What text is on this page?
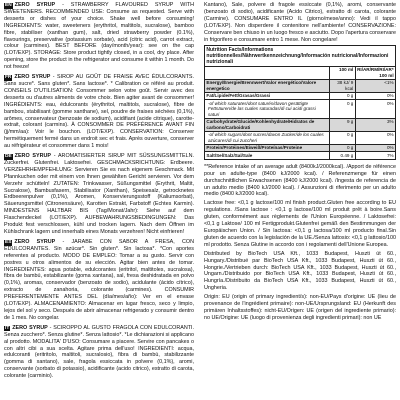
EN ZERO SYRUP - STRAWBERRY FLAVOURED SYRUP WITH SWEETENERS. RECOMMENDED USE: Consume as requested. Serve with desserts or dishes of your choice. Shake well before consuming! INGREDIENTS: water, sweeteners (erythritol, maltitols, sucralose), bamboo fibre, stabiliser (xanthan gum), salt, dried strawberry powder (0.1%), flavourings, preservative (potassium sorbate), acid (citric acid), carrot extract, colour (carmines). BEST BEFORE (day/month/year): see on the cap (LOT/EXP). STORAGE: Store product tightly closed, in a cool, dry place. After opening, store the product in the refrigerator and consume it within 1 month. Do not freeze!

FR ZERO SYRUP - SIROP AU GOÛT DE FRAISE AVEC ÉDULCORANTS. Sans sucre*. Sans gluten*. Sans lactose*. * Calibration ce référé au produit. CONSEILS D'UTILISATION: Consommer selon votre goût. Servir avec des desserts ou d'autres aliments de votre choix. Bien agiter avant de consommer! INGRÉDIENTS: eau, édulcorants (érythritol, maltitols, sucralose), fibre de bambou, stabilisant (gomme xanthane), sel, poudre de fraises séchées (0,1%), arômes, conservateur (benzoate de sodium), acidifiant (acide citrique), carotte-extrait, colorant (carmins). À CONSOMMER DE PRÉFÉRENCE AVANT FIN (jj/mm/aa): Voir le bouchon. (LOT/EXP). CONSERVATION: Conserver hermétiquement fermé dans un endroit sec et frais. Après ouverture, conserver au réfrigérateur et consommer dans 1 mois!

DE ZERO SYRUP - AROMATISIERTER SIRUP MIT SÜSSUNGSMITTELN. Zuckerfrei. Glutenfrei. Laktosefrei. GESCHMACKSRICHTUNG: Erdbeere. VERZEHRHEMPFEHLUNG: Servieren Sie es nach eigenem Geschmack. Mit Pfannkuchen oder mit einem von Ihnen gewählten Gericht servieren. Vor dem Verzehr schütteln! ZUTATEN: Trinkwasser, Süßungsmittel (Erythrit, Maltit, Sucralose), Bambusfasern, Stabilisator (Xanthan), Speisesalz, getrocknetes Erdbeerenpulver (0,1%), Aromen, Konservierungsstoff (Kaliumsorbat), Säuerungsmittel (Citronensäure), Karotten Extrakt, Farbstoff (Echtes Karmin). MINDESTENS HALTBAR BIS (Tag/Monat/Jahr): Siehe auf dem Flaschendeckel (LOT/EXP). AUFBEWAHRUNGSBEDINGUNGEN: Das Produkt fest verschlossen, kühl und trocken lagern. Nach dem Öffnen im Kühlschrank lagern und innerhalb eines Monats verzehren! Nicht einfrieren!

ES ZERO SYRUP - JARABE CON SABOR A FRESA, CON EDULCORANTES. Sin azúcar*. Sin gluten*. Sin lactosa*. *Con aportes referentes al producto. MODO DE EMPLEO: Tomar a su gusto. Servir con postres u otros alimentos de su elección. Agitar bien antes de tomar. INGREDIENTES: agua potable, edulcorantes (eritritol, maltitoles, sucralosa), fibra de bambú, estabilizante (goma xantana), sal, fresa deshidratada en polvo (0,1%), aromas, conservador (benzoato de sodio), acidulante (ácido cítrico), extracto de zanahoria, colorante (carmines). CONSUMIR PREFERENTEMENTE ANTES DEL (día/mes/año): Ver en el envase (LOT/EXP). ALMACENAMIENTO: Almacenar en lugar fresco, seco y limpio, lejos del sol y seco. Después de abrir almacenar refrigerado y consumir dentro de 1 mes. No congelar.

IT ZERO SYRUP - SCIROPPO AL GUSTO FRAGOLA CON EDULCORANTI. Senza zucchero*. Senza glutine*. Senza lattosio*. *Le dichiarazioni si applicano al prodotto. MODALITA' D'USO: Consumare a piacere. Servire con pancakes o con altri cibi a sua scelta. Agitare prima dell'uso! INGREDIENTI: acqua, edulcoranti (eritritolo, maltitoli, sucralosio), fibra di bambù, stabilizzante (gomma di xantano), sale, fragola essiccata in polvere (0,1%), aromi, conservante (sorbato di potassio), acidificante (acido citrico), estratto di carota, colorante (carminio).

Kantano), Sale, polvere di fragole essiccate (0,1%), aromi, conservante (benzoato di sodio), acidificante (Acido Citrico), estratto di carota, colorante (Carmine). CONSUMARE ENTRO IL (giorno/mese/anno): Vedi il tappo (LOT/EXP). Non disperdere il contenitore nell'ambiente! CONSERVAZIONE: Conservare ben chiuso in un luogo fresco e asciutto. Dopo l'apertura conservare in frigorifero e consumare entro 1 mese. Non congelare!

Nutrition Facts/Informations nutritionnelles/Nährwertkennzeichnung/Información nutricional/Informazioni nutrizionali		
	100 ml	RI/AR/RM/RI/AR*
100 ml
Energy/Énergie/Brennwert/Valor energético/Valore energetico	38 kJ/ 9 kcal	<1%
Fat/Lipide/Fett/Grasas/Grassi	0 g	0%
-of which saturates/dont saturés/davon gesättigte Fettsäuren/de las cuales saturadas/di cui acidi grassi saturi	0 g	0%
Carbohydrate/Glucide/Kohlenhydrate/Hidratos de carbono/Carboidrati	9 g	3%
-of which sugars/dont sucres/davon Zucker/de los cuales azúcares/di cui zuccheri	0 g	0%
Protein/Protéines/Eiweiß/Proteínas/Proteine	0 g	0%
Salt/Sel/Salz/Sal/Sale	0.49 g	7%

**Reference intake of an average adult (8400kJ/2000kcal). /Apport de référence pour un adulte-type (8400 kJ/2000 kcal). / Referenzmenge für einen durchschnittlichen Erwachsenen (8400 kJ/2000 kcal). /Ingesta de referencia de un adulto medio (8400 kJ/2000 kcal). / Assunzioni di riferimento per un adulto medio (8400 kJ/2000 kcal).

Lactose free: <0,1 g lactose/100 ml finish product.Gluten free according to EU regulations. /Sans lactose : <0,1 g lactose/100 ml produit prêt à boire.Sans gluten, conformément aux règlements de l'Union Européenne. / Laktosefrei: <0,1 g Laktose/ 100 ml Fertigprodukt.Glutenfrei gemäß den Bestimmungen der Europäischen Union. / Sin lactosa: <0,1 g lactosa/100 ml producto final.Sin gluten de acuerdo con la legislación de la UE./Senza lattosio: <0,1 g lattosio/100 ml prodotto. Senza Glutine in accordo con i regolamenti dell'Unione Europea.

Distributed by BioTech USA Kft., 1033 Budapest, Huszti út 60., Hungary./Distribué par BioTech USA Kft., 1033 Budapest, Huszti út 60., Hongrie./Vertrieben durch: BioTech USA Kft., 1033 Budapest, Huszti út 60., Ungarn./Distribuido por BioTech USA Kft., 1033 Budapest, Huszti út 60., Hungría./Distribuito da BioTech USA Kft., 1033 Budapest, Huszti út 60., Ungheria.

Origin: EU (origin of primary ingredient/s): non-EU/Pays d'origine: UE (lieu de provenance de l'ingrédient primaire): non-UE/Ursprungsland: EU (Herkunft des primären Inhaltsstoffes): nicht-EU/Origen: UE (origen del ingrediente primario): no UE/Origine: UE (luogo di provenienza degli ingredienti primari): non UE
